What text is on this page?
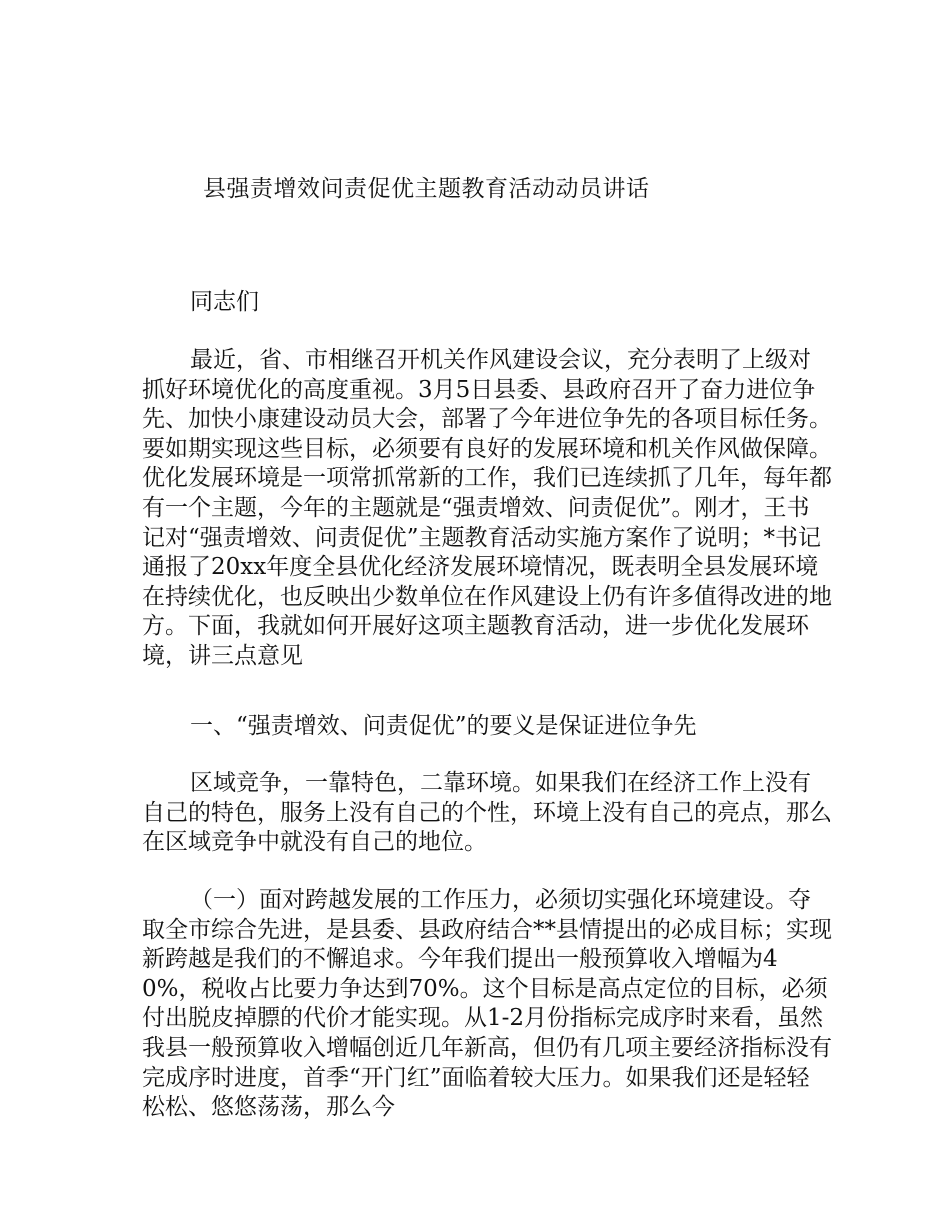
县强责增效问责促优主题教育活动动员讲话

同志们

最近，省、市相继召开机关作风建设会议，充分表明了上级对抓好环境优化的高度重视。3月5日县委、县政府召开了奋力进位争先、加快小康建设动员大会，部署了今年进位争先的各项目标任务。要如期实现这些目标，必须要有良好的发展环境和机关作风做保障。优化发展环境是一项常抓常新的工作，我们已连续抓了几年，每年都有一个主题，今年的主题就是“强责增效、问责促优”。刚才，王书记对“强责增效、问责促优”主题教育活动实施方案作了说明；*书记通报了20xx年度全县优化经济发展环境情况，既表明全县发展环境在持续优化，也反映出少数单位在作风建设上仍有许多值得改进的地方。下面，我就如何开展好这项主题教育活动，进一步优化发展环境，讲三点意见

一、“强责增效、问责促优”的要义是保证进位争先

区域竞争，一靠特色，二靠环境。如果我们在经济工作上没有自己的特色，服务上没有自己的个性，环境上没有自己的亮点，那么在区域竞争中就没有自己的地位。

（一）面对跨越发展的工作压力，必须切实强化环境建设。夺取全市综合先进，是县委、县政府结合**县情提出的必成目标；实现新跨越是我们的不懈追求。今年我们提出一般预算收入增幅为40%，税收占比要力争达到70%。这个目标是高点定位的目标，必须付出脱皮掉膘的代价才能实现。从1-2月份指标完成序时来看，虽然我县一般预算收入增幅创近几年新高，但仍有几项主要经济指标没有完成序时进度，首季“开门红”面临着较大压力。如果我们还是轻轻松松、悠悠荡荡，那么今
